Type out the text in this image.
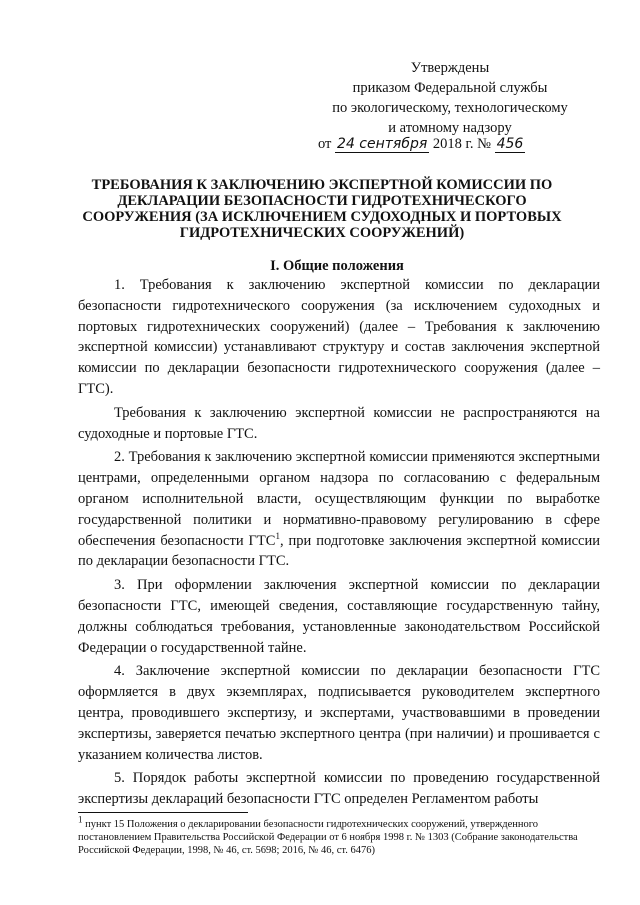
Утверждены
приказом Федеральной службы
по экологическому, технологическому
и атомному надзору
от 24 сентября 2018 г. № 456
ТРЕБОВАНИЯ К ЗАКЛЮЧЕНИЮ ЭКСПЕРТНОЙ КОМИССИИ ПО ДЕКЛАРАЦИИ БЕЗОПАСНОСТИ ГИДРОТЕХНИЧЕСКОГО СООРУЖЕНИЯ (ЗА ИСКЛЮЧЕНИЕМ СУДОХОДНЫХ И ПОРТОВЫХ ГИДРОТЕХНИЧЕСКИХ СООРУЖЕНИЙ)
I. Общие положения

1. Требования к заключению экспертной комиссии по декларации безопасности гидротехнического сооружения (за исключением судоходных и портовых гидротехнических сооружений) (далее – Требования к заключению экспертной комиссии) устанавливают структуру и состав заключения экспертной комиссии по декларации безопасности гидротехнического сооружения (далее – ГТС).

Требования к заключению экспертной комиссии не распространяются на судоходные и портовые ГТС.

2. Требования к заключению экспертной комиссии применяются экспертными центрами, определенными органом надзора по согласованию с федеральным органом исполнительной власти, осуществляющим функции по выработке государственной политики и нормативно-правовому регулированию в сфере обеспечения безопасности ГТС$^1$, при подготовке заключения экспертной комиссии по декларации безопасности ГТС.

3. При оформлении заключения экспертной комиссии по декларации безопасности ГТС, имеющей сведения, составляющие государственную тайну, должны соблюдаться требования, установленные законодательством Российской Федерации о государственной тайне.

4. Заключение экспертной комиссии по декларации безопасности ГТС оформляется в двух экземплярах, подписывается руководителем экспертного центра, проводившего экспертизу, и экспертами, участвовавшими в проведении экспертизы, заверяется печатью экспертного центра (при наличии) и прошивается с указанием количества листов.

5. Порядок работы экспертной комиссии по проведению государственной экспертизы деклараций безопасности ГТС определен Регламентом работы

$^1$ пункт 15 Положения о декларировании безопасности гидротехнических сооружений, утвержденного постановлением Правительства Российской Федерации от 6 ноября 1998 г. № 1303 (Собрание законодательства Российской Федерации, 1998, № 46, ст. 5698; 2016, № 46, ст. 6476)
